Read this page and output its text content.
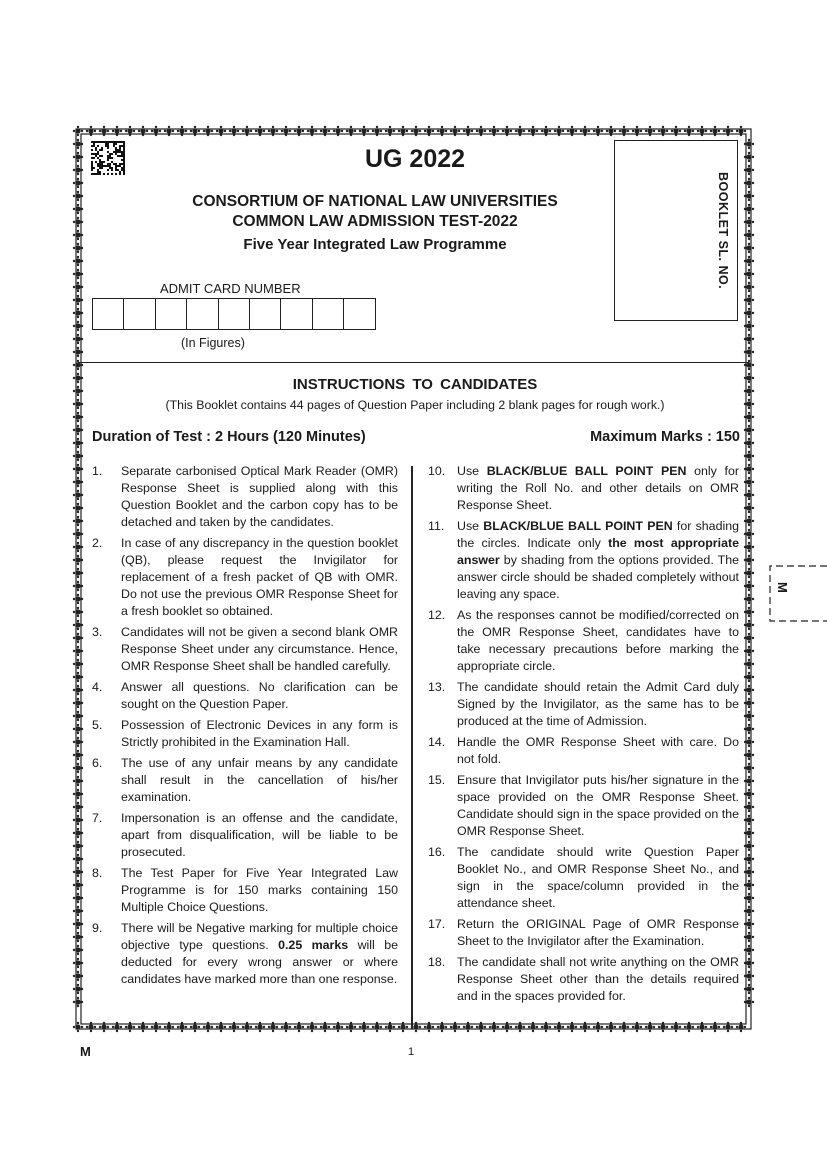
UG 2022
CONSORTIUM OF NATIONAL LAW UNIVERSITIES
COMMON LAW ADMISSION TEST-2022
Five Year Integrated Law Programme	BOOKLET SL. NO.
ADMIT CARD NUMBER
(In Figures)
INSTRUCTIONS TO CANDIDATES
(This Booklet contains 44 pages of Question Paper including 2 blank pages for rough work.)
Duration of Test : 2 Hours (120 Minutes)	Maximum Marks : 150
1.	Separate carbonised Optical Mark Reader (OMR) Response Sheet is supplied along with this Question Booklet and the carbon copy has to be detached and taken by the candidates.
2.	In case of any discrepancy in the question booklet (QB), please request the Invigilator for replacement of a fresh packet of QB with OMR. Do not use the previous OMR Response Sheet for a fresh booklet so obtained.
3.	Candidates will not be given a second blank OMR Response Sheet under any circumstance. Hence, OMR Response Sheet shall be handled carefully.
4.	Answer all questions. No clarification can be sought on the Question Paper.
5.	Possession of Electronic Devices in any form is Strictly prohibited in the Examination Hall.
6.	The use of any unfair means by any candidate shall result in the cancellation of his/her examination.
7.	Impersonation is an offense and the candidate, apart from disqualification, will be liable to be prosecuted.
8.	The Test Paper for Five Year Integrated Law Programme is for 150 marks containing 150 Multiple Choice Questions.
9.	There will be Negative marking for multiple choice objective type questions. 0.25 marks will be deducted for every wrong answer or where candidates have marked more than one response.
10. Use BLACK/BLUE BALL POINT PEN only for writing the Roll No. and other details on OMR Response Sheet.
11.	Use BLACK/BLUE BALL POINT PEN for shading the circles. Indicate only the most appropriate answer by shading from the options provided. The answer circle should be shaded completely without leaving any space.
12. As the responses cannot be modified/corrected on the OMR Response Sheet, candidates have to take necessary precautions before marking the appropriate circle.
13. The candidate should retain the Admit Card duly Signed by the Invigilator, as the same has to be produced at the time of Admission.
14. Handle the OMR Response Sheet with care. Do not fold.
15. Ensure that Invigilator puts his/her signature in the space provided on the OMR Response Sheet. Candidate should sign in the space provided on the OMR Response Sheet.
16. The candidate should write Question Paper Booklet No., and OMR Response Sheet No., and sign in the space/column provided in the attendance sheet.
17. Return the ORIGINAL Page of OMR Response Sheet to the Invigilator after the Examination.
18. The candidate shall not write anything on the OMR Response Sheet other than the details required and in the spaces provided for.
M
M	1
